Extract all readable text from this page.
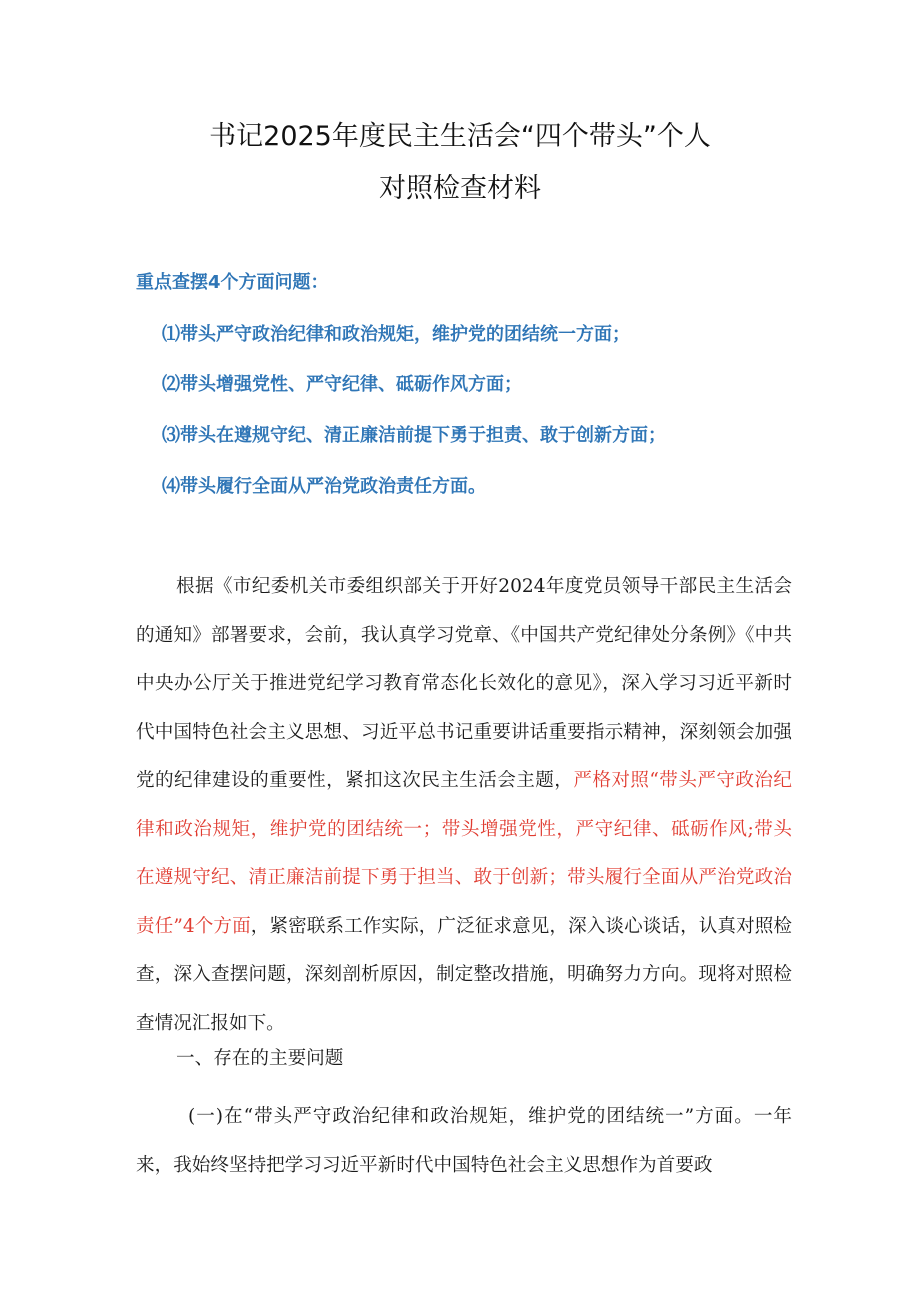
书记2025年度民主生活会“四个带头”个人
对照检查材料
重点查摆4个方面问题：
⑴带头严守政治纪律和政治规矩，维护党的团结统一方面；
⑵带头增强党性、严守纪律、砥砺作风方面；
⑶带头在遵规守纪、清正廉洁前提下勇于担责、敢于创新方面；
⑷带头履行全面从严治党政治责任方面。
根据《市纪委机关市委组织部关于开好2024年度党员领导干部民主生活会的通知》部署要求，会前，我认真学习党章、《中国共产党纪律处分条例》《中共中央办公厅关于推进党纪学习教育常态化长效化的意见》，深入学习习近平新时代中国特色社会主义思想、习近平总书记重要讲话重要指示精神，深刻领会加强党的纪律建设的重要性，紧扣这次民主生活会主题，严格对照“带头严守政治纪律和政治规矩，维护党的团结统一；带头增强党性，严守纪律、砥砺作风;带头在遵规守纪、清正廉洁前提下勇于担当、敢于创新；带头履行全面从严治党政治责任”4个方面，紧密联系工作实际，广泛征求意见，深入谈心谈话，认真对照检查，深入查摆问题，深刻剖析原因，制定整改措施，明确努力方向。现将对照检查情况汇报如下。
一、存在的主要问题
(一)在“带头严守政治纪律和政治规矩，维护党的团结统一”方面。一年来，我始终坚持把学习习近平新时代中国特色社会主义思想作为首要政
